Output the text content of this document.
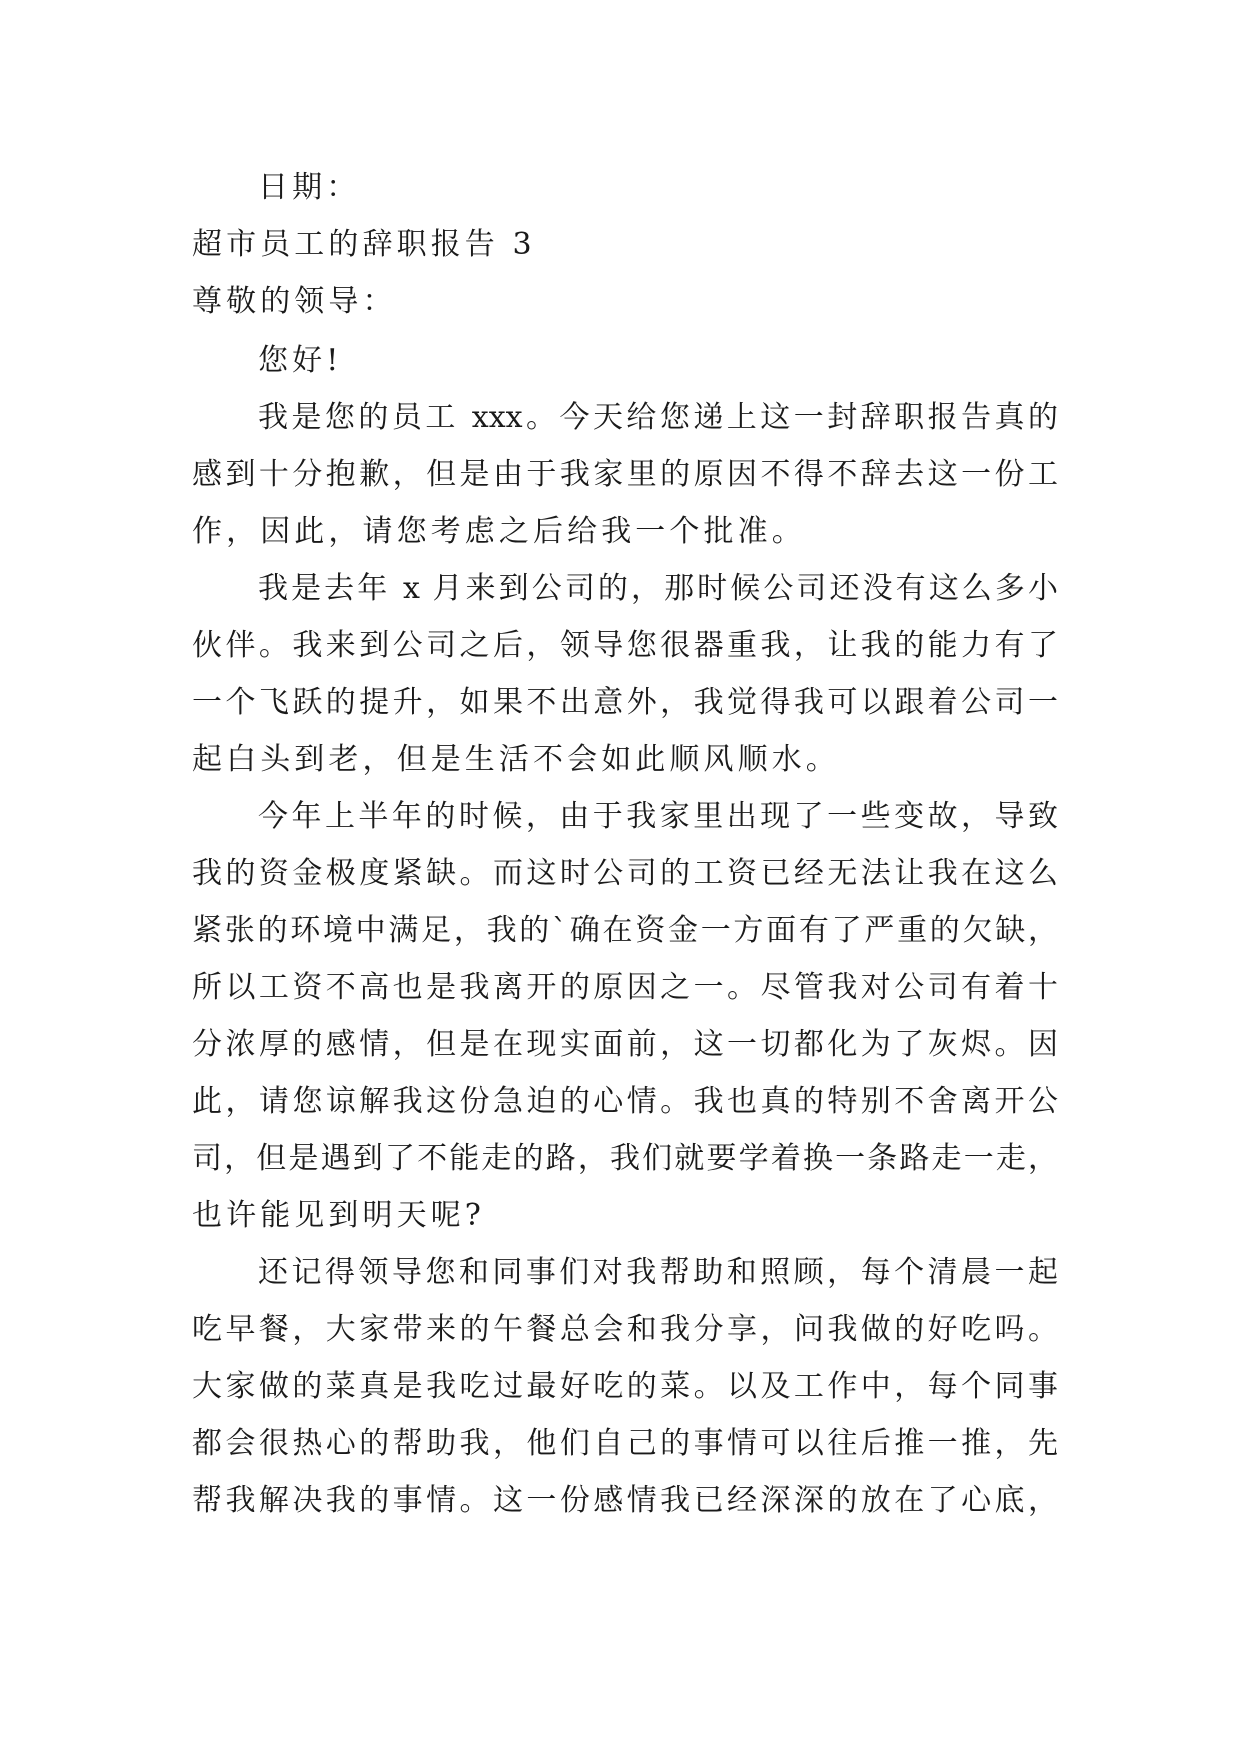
日期：
超市员工的辞职报告 3
尊敬的领导：
您好!
我是您的员工 xxx。今天给您递上这一封辞职报告真的
感到十分抱歉，但是由于我家里的原因不得不辞去这一份工
作，因此，请您考虑之后给我一个批准。
我是去年 x 月来到公司的，那时候公司还没有这么多小
伙伴。我来到公司之后，领导您很器重我，让我的能力有了
一个飞跃的提升，如果不出意外，我觉得我可以跟着公司一
起白头到老，但是生活不会如此顺风顺水。
今年上半年的时候，由于我家里出现了一些变故，导致
我的资金极度紧缺。而这时公司的工资已经无法让我在这么
紧张的环境中满足，我的`确在资金一方面有了严重的欠缺，
所以工资不高也是我离开的原因之一。尽管我对公司有着十
分浓厚的感情，但是在现实面前，这一切都化为了灰烬。因
此，请您谅解我这份急迫的心情。我也真的特别不舍离开公
司，但是遇到了不能走的路，我们就要学着换一条路走一走，
也许能见到明天呢?
还记得领导您和同事们对我帮助和照顾，每个清晨一起
吃早餐，大家带来的午餐总会和我分享，问我做的好吃吗。
大家做的菜真是我吃过最好吃的菜。以及工作中，每个同事
都会很热心的帮助我，他们自己的事情可以往后推一推，先
帮我解决我的事情。这一份感情我已经深深的放在了心底，
